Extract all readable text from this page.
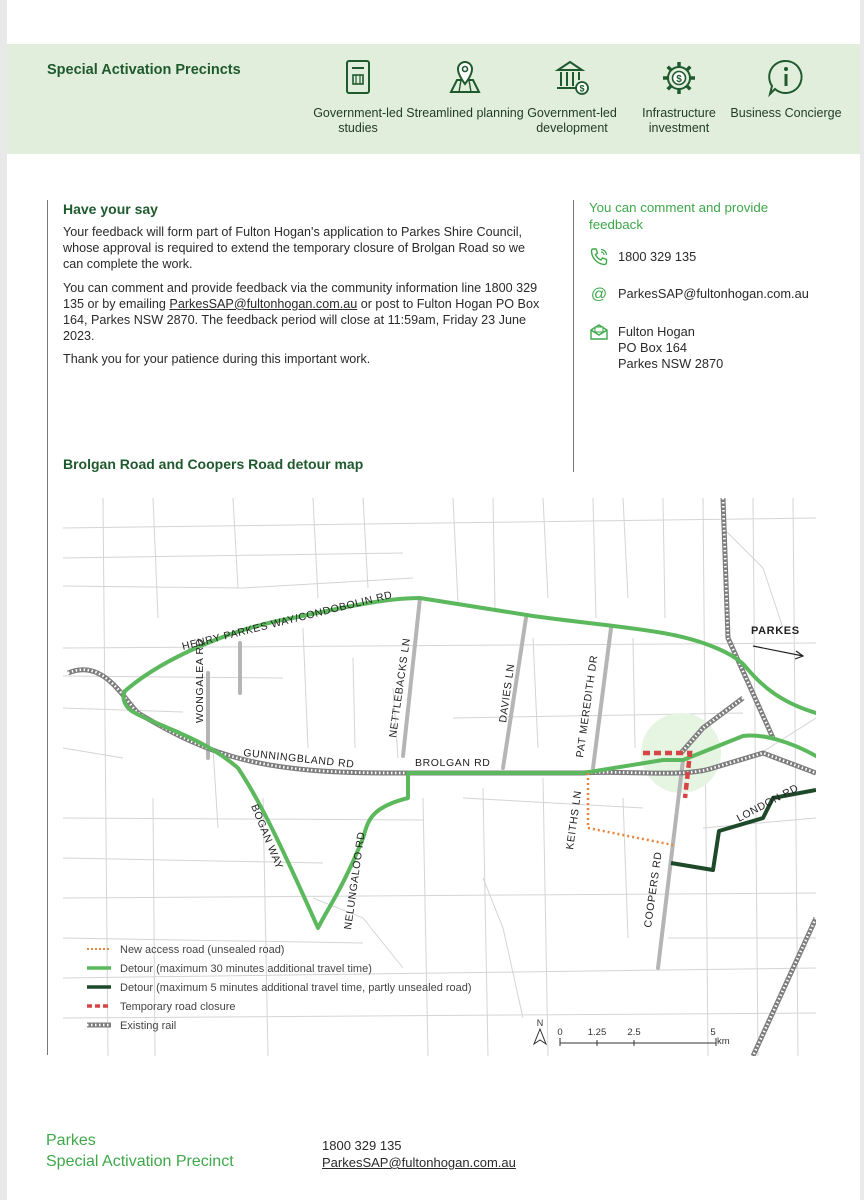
Special Activation Precincts
Government-led studies
Streamlined planning
$
Government-led development
$
Infrastructure investment
Business Concierge
Have your say

Your feedback will form part of Fulton Hogan's application to Parkes Shire Council, whose approval is required to extend the temporary closure of Brolgan Road so we can complete the work.

You can comment and provide feedback via the community information line 1800 329 135 or by emailing ParkesSAP@fultonhogan.com.au or post to Fulton Hogan PO Box 164, Parkes NSW 2870. The feedback period will close at 11:59am, Friday 23 June 2023.

Thank you for your patience during this important work.

You can comment and provide feedback
1800 329 135
@ ParkesSAP@fultonhogan.com.au
Fulton Hogan
PO Box 164
Parkes NSW 2870
Brolgan Road and Coopers Road detour map
HENRY PARKES WAY/CONDOBOLIN RD	PARKES
WONGALEA RD	NETTLEBACKS LN	DAVIES LN	PAT MEREDITH DR
GUNNINGBLAND RD	BROLGAN RD
BOGAN WAY	NELUNGALOO RD
KEITHS LN
COOPERS RD
LONDON RD
New access road (unsealed road)
Detour (maximum 30 minutes additional travel time)
Detour (maximum 5 minutes additional travel time, partly unsealed road)
Temporary road closure
Existing rail	N
0	1.25 2.5	5
km
Parkes
Special Activation Precinct
1800 329 135
ParkesSAP@fultonhogan.com.au
